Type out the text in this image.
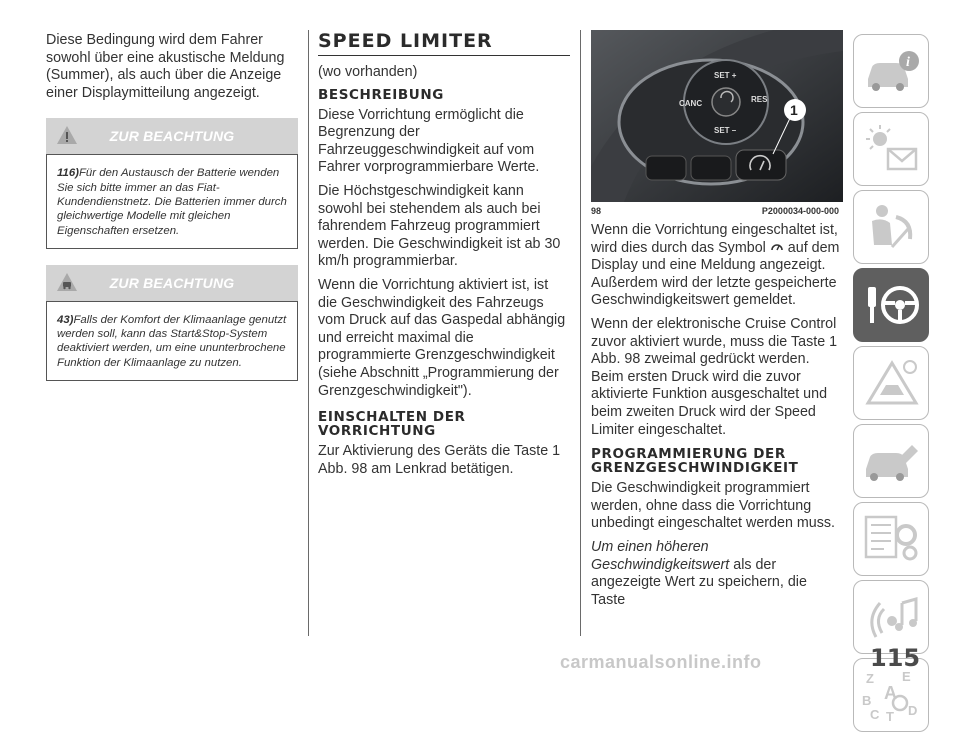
Diese Bedingung wird dem Fahrer sowohl über eine akustische Meldung (Summer), als auch über die Anzeige einer Displaymitteilung angezeigt.

ZUR BEACHTUNG
116)Für den Austausch der Batterie wenden Sie sich bitte immer an das Fiat-Kundendienstnetz. Die Batterien immer durch gleichwertige Modelle mit gleichen Eigenschaften ersetzen.
ZUR BEACHTUNG
43)Falls der Komfort der Klimaanlage genutzt werden soll, kann das Start&Stop-System deaktiviert werden, um eine ununterbrochene Funktion der Klimaanlage zu nutzen.
SPEED LIMITER

(wo vorhanden)

BESCHREIBUNG

Diese Vorrichtung ermöglicht die Begrenzung der Fahrzeuggeschwindigkeit auf vom Fahrer vorprogrammierbare Werte.

Die Höchstgeschwindigkeit kann sowohl bei stehendem als auch bei fahrendem Fahrzeug programmiert werden. Die Geschwindigkeit ist ab 30 km/h programmierbar.

Wenn die Vorrichtung aktiviert ist, ist die Geschwindigkeit des Fahrzeugs vom Druck auf das Gaspedal abhängig und erreicht maximal die programmierte Grenzgeschwindigkeit (siehe Abschnitt „Programmierung der Grenzgeschwindigkeit").

EINSCHALTEN DER VORRICHTUNG

Zur Aktivierung des Geräts die Taste 1 Abb. 98 am Lenkrad betätigen.

SET +
CANC	RES
SET –
1
98	P2000034-000-000

Wenn die Vorrichtung eingeschaltet ist, wird dies durch das Symbol auf dem Display und eine Meldung angezeigt. Außerdem wird der letzte gespeicherte Geschwindigkeitswert gemeldet.

Wenn der elektronische Cruise Control zuvor aktiviert wurde, muss die Taste 1 Abb. 98 zweimal gedrückt werden. Beim ersten Druck wird die zuvor aktivierte Funktion ausgeschaltet und beim zweiten Druck wird der Speed Limiter eingeschaltet.

PROGRAMMIERUNG DER GRENZGESCHWINDIGKEIT

Die Geschwindigkeit programmiert werden, ohne dass die Vorrichtung unbedingt eingeschaltet werden muss.

Um einen höheren Geschwindigkeitswert als der angezeigte Wert zu speichern, die Taste

i
Z E
A
B
C T D
carmanualsonline.info	115
